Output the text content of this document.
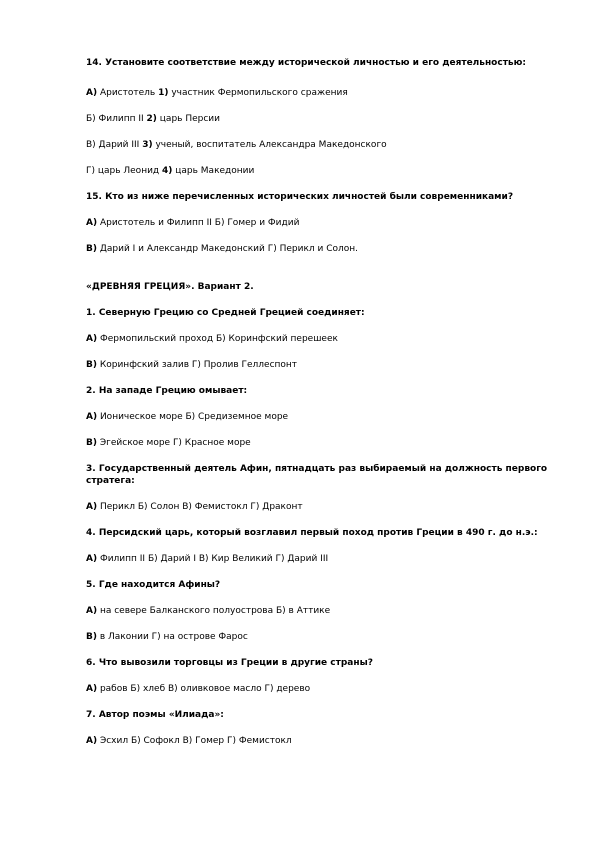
14. Установите соответствие между исторической личностью и его деятельностью:

А) Аристотель 1) участник Фермопильского сражения

Б) Филипп II 2) царь Персии

В) Дарий III 3) ученый, воспитатель Александра Македонского

Г) царь Леонид 4) царь Македонии

15. Кто из ниже перечисленных исторических личностей были современниками?

А) Аристотель и Филипп II Б) Гомер и Фидий

В) Дарий I и Александр Македонский Г) Перикл и Солон.

«ДРЕВНЯЯ ГРЕЦИЯ». Вариант 2.

1. Северную Грецию со Средней Грецией соединяет:

А) Фермопильский проход Б) Коринфский перешеек

В) Коринфский залив Г) Пролив Геллеспонт

2. На западе Грецию омывает:

А) Ионическое море Б) Средиземное море

В) Эгейское море Г) Красное море

3. Государственный деятель Афин, пятнадцать раз выбираемый на должность первого стратега:

А) Перикл Б) Солон В) Фемистокл Г) Драконт

4. Персидский царь, который возглавил первый поход против Греции в 490 г. до н.э.:

А) Филипп II Б) Дарий I В) Кир Великий Г) Дарий III

5. Где находится Афины?

А) на севере Балканского полуострова Б) в Аттике

В) в Лаконии Г) на острове Фарос

6. Что вывозили торговцы из Греции в другие страны?

А) рабов Б) хлеб В) оливковое масло Г) дерево

7. Автор поэмы «Илиада»:

А) Эсхил Б) Софокл В) Гомер Г) Фемистокл
